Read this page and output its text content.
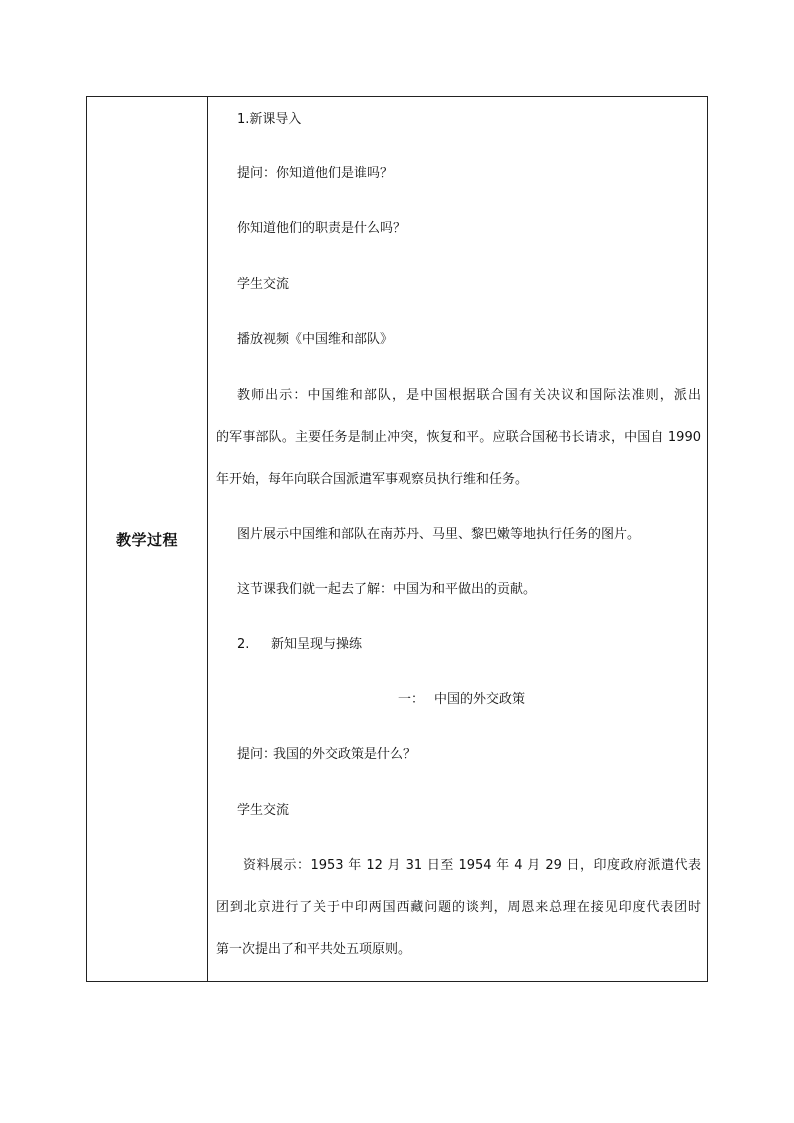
教学过程
1.新课导入
提问：你知道他们是谁吗？
你知道他们的职责是什么吗？
学生交流
播放视频《中国维和部队》
教师出示：中国维和部队，是中国根据联合国有关决议和国际法准则，派出
的军事部队。主要任务是制止冲突，恢复和平。应联合国秘书长请求，中国自 1990
年开始，每年向联合国派遣军事观察员执行维和任务。
图片展示中国维和部队在南苏丹、马里、黎巴嫩等地执行任务的图片。
这节课我们就一起去了解：中国为和平做出的贡献。
2. 新知呈现与操练
一： 中国的外交政策
提问：我国的外交政策是什么？
学生交流
资料展示：1953 年 12 月 31 日至 1954 年 4 月 29 日，印度政府派遣代表
团到北京进行了关于中印两国西藏问题的谈判，周恩来总理在接见印度代表团时
第一次提出了和平共处五项原则。
